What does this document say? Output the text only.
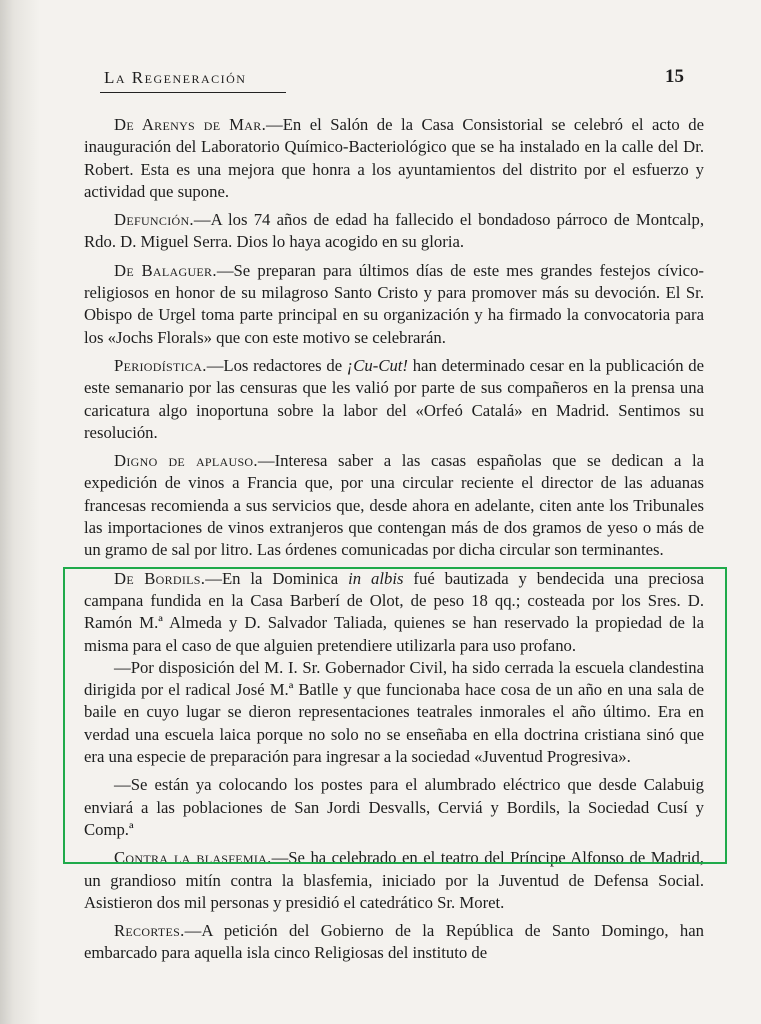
La Regeneración	15

De Arenys de Mar.—En el Salón de la Casa Consistorial se celebró el acto de inauguración del Laboratorio Químico-Bacteriológico que se ha instalado en la calle del Dr. Robert. Esta es una mejora que honra a los ayuntamientos del distrito por el esfuerzo y actividad que supone.

Defunción.—A los 74 años de edad ha fallecido el bondadoso párroco de Montcalp, Rdo. D. Miguel Serra. Dios lo haya acogido en su gloria.

De Balaguer.—Se preparan para últimos días de este mes grandes festejos cívico-religiosos en honor de su milagroso Santo Cristo y para promover más su devoción. El Sr. Obispo de Urgel toma parte principal en su organización y ha firmado la convocatoria para los «Jochs Florals» que con este motivo se celebrarán.

Periodística.—Los redactores de ¡Cu-Cut! han determinado cesar en la publicación de este semanario por las censuras que les valió por parte de sus compañeros en la prensa una caricatura algo inoportuna sobre la labor del «Orfeó Catalá» en Madrid. Sentimos su resolución.

Digno de aplauso.—Interesa saber a las casas españolas que se dedican a la expedición de vinos a Francia que, por una circular reciente el director de las aduanas francesas recomienda a sus servicios que, desde ahora en adelante, citen ante los Tribunales las importaciones de vinos extranjeros que contengan más de dos gramos de yeso o más de un gramo de sal por litro. Las órdenes comunicadas por dicha circular son terminantes.

De Bordils.—En la Dominica in albis fué bautizada y bendecida una preciosa campana fundida en la Casa Barberí de Olot, de peso 18 qq.; costeada por los Sres. D. Ramón M.ª Almeda y D. Salvador Taliada, quienes se han reservado la propiedad de la misma para el caso de que alguien pretendiere utilizarla para uso profano.

—Por disposición del M. I. Sr. Gobernador Civil, ha sido cerrada la escuela clandestina dirigida por el radical José M.ª Batlle y que funcionaba hace cosa de un año en una sala de baile en cuyo lugar se dieron representaciones teatrales inmorales el año último. Era en verdad una escuela laica porque no solo no se enseñaba en ella doctrina cristiana sinó que era una especie de preparación para ingresar a la sociedad «Juventud Progresiva».

—Se están ya colocando los postes para el alumbrado eléctrico que desde Calabuig enviará a las poblaciones de San Jordi Desvalls, Cerviá y Bordils, la Sociedad Cusí y Comp.ª

Contra la blasfemia.—Se ha celebrado en el teatro del Príncipe Alfonso de Madrid, un grandioso mitín contra la blasfemia, iniciado por la Juventud de Defensa Social. Asistieron dos mil personas y presidió el catedrático Sr. Moret.

Recortes.—A petición del Gobierno de la República de Santo Domingo, han embarcado para aquella isla cinco Religiosas del instituto de
